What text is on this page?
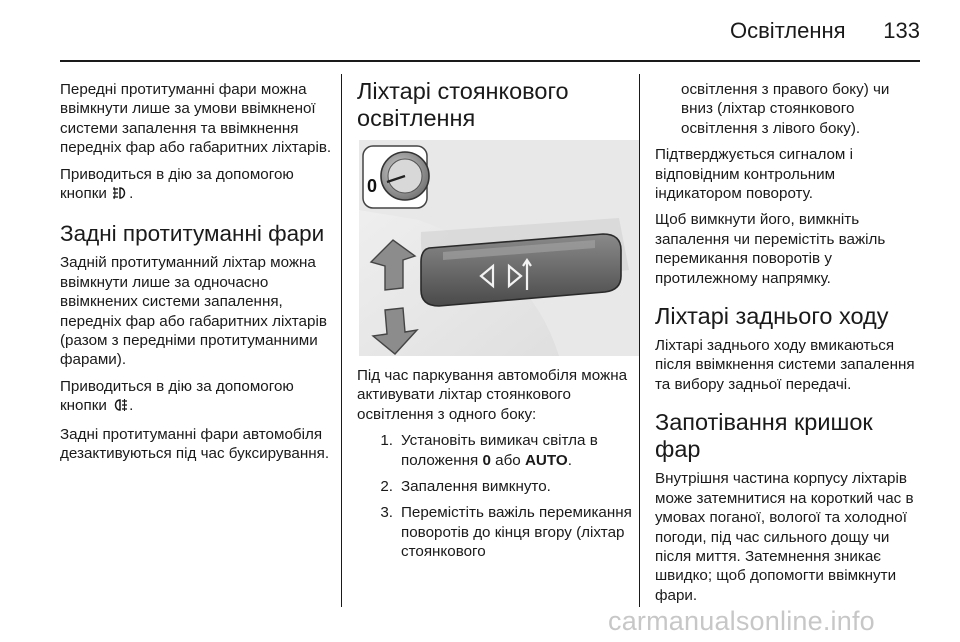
Освітлення 133

Передні протитуманні фари можна ввімкнути лише за умови ввімкненої системи запалення та ввімкнення передніх фар або габаритних ліхтарів.

Приводиться в дію за допомогою кнопки .

Задні протитуманні фари

Задній протитуманний ліхтар можна ввімкнути лише за одночасно ввімкнених системи запалення, передніх фар або габаритних ліхтарів (разом з передніми протитуманними фарами).

Приводиться в дію за допомогою кнопки .

Задні протитуманні фари автомобіля дезактивуються під час буксирування.

Ліхтарі стоянкового освітлення
0

Під час паркування автомобіля можна активувати ліхтар стоянкового освітлення з одного боку:

1. Установіть вимикач світла в положення 0 або AUTO.
2. Запалення вимкнуто.
3. Перемістіть важіль перемикання поворотів до кінця вгору (ліхтар стоянкового

освітлення з правого боку) чи вниз (ліхтар стоянкового освітлення з лівого боку).

Підтверджується сигналом і відповідним контрольним індикатором повороту.

Щоб вимкнути його, вимкніть запалення чи перемістіть важіль перемикання поворотів у протилежному напрямку.

Ліхтарі заднього ходу

Ліхтарі заднього ходу вмикаються після ввімкнення системи запалення та вибору задньої передачі.

Запотівання кришок фар

Внутрішня частина корпусу ліхтарів може затемнитися на короткий час в умовах поганої, вологої та холодної погоди, під час сильного дощу чи після миття. Затемнення зникає швидко; щоб допомогти ввімкнути фари.

carmanualsonline.info
